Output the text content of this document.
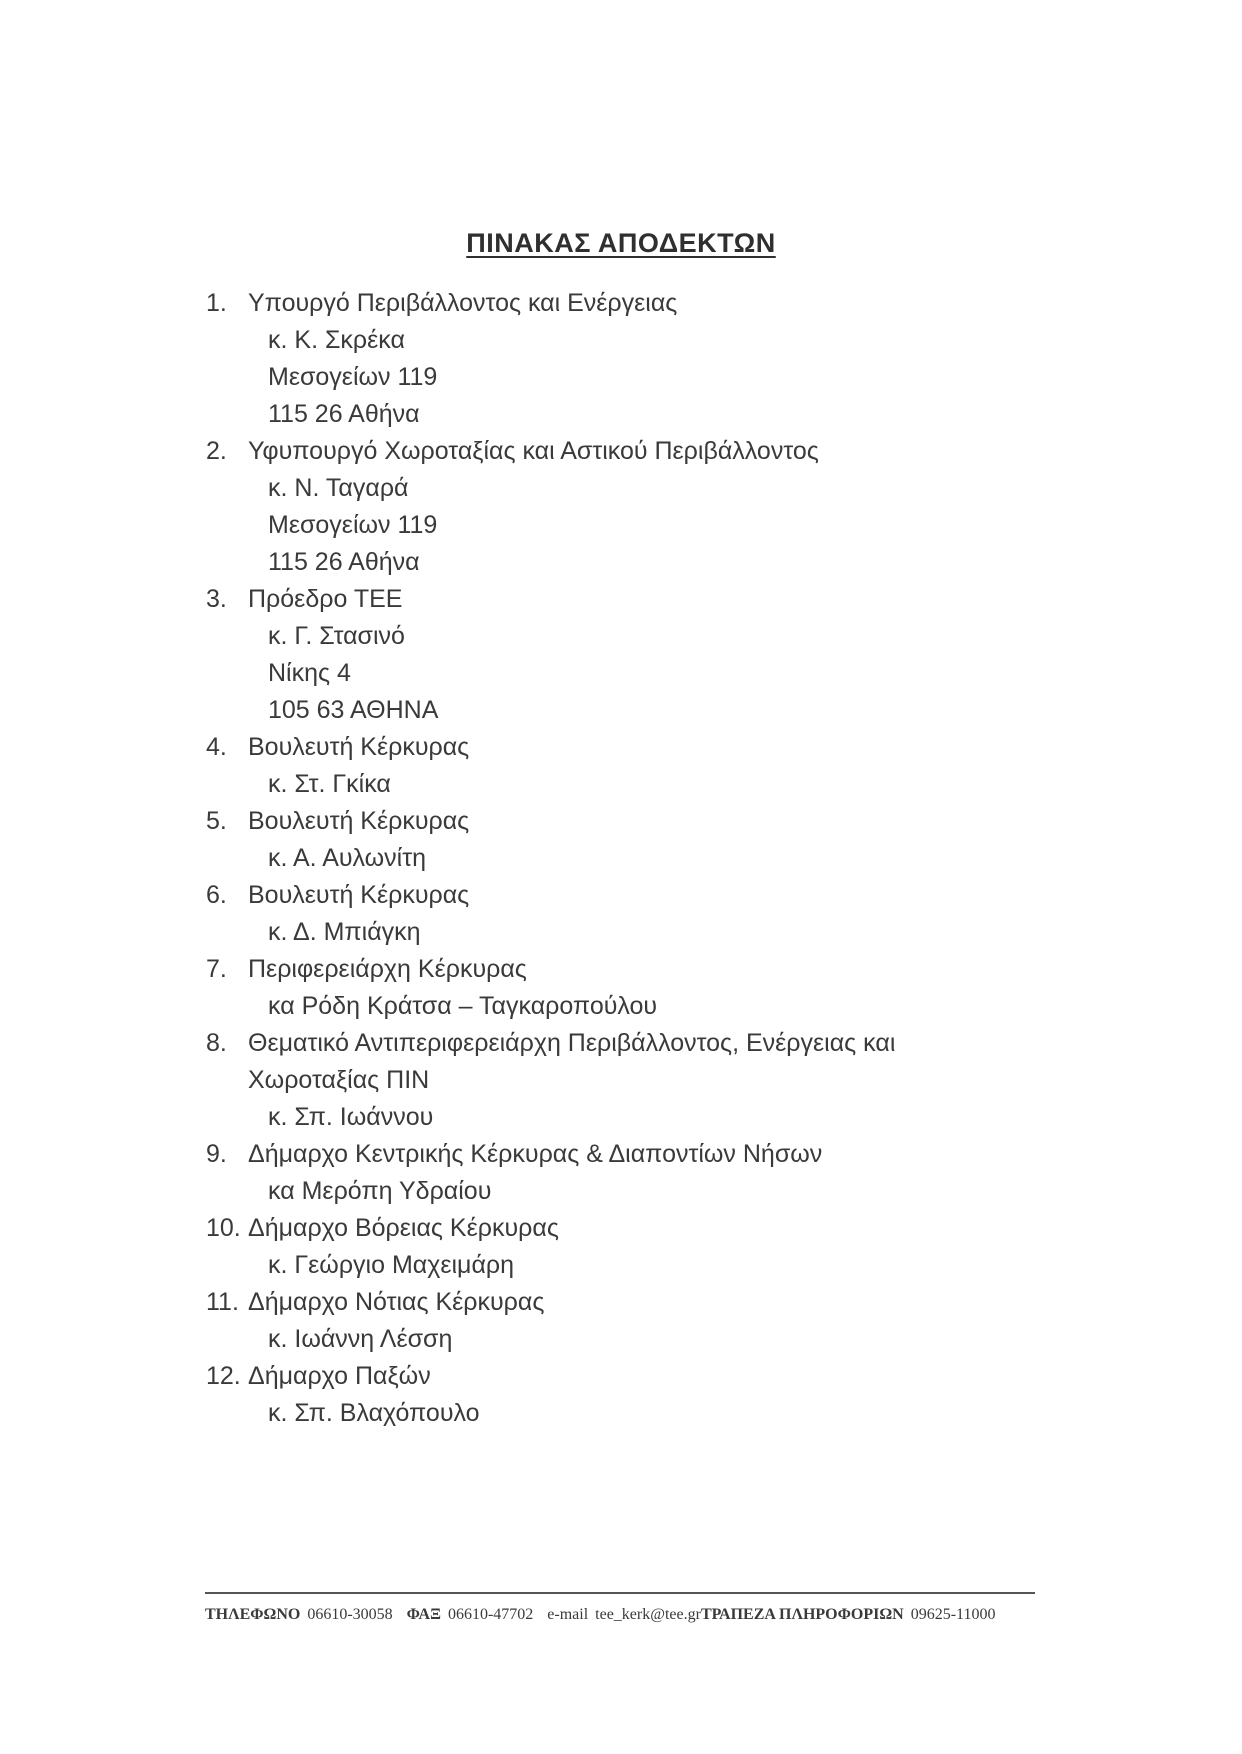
ΠΙΝΑΚΑΣ ΑΠΟΔΕΚΤΩΝ
1. Υπουργό Περιβάλλοντος και Ενέργειας
κ. Κ. Σκρέκα
Μεσογείων 119
115 26 Αθήνα
2. Υφυπουργό Χωροταξίας και Αστικού Περιβάλλοντος
κ. Ν. Ταγαρά
Μεσογείων 119
115 26 Αθήνα
3. Πρόεδρο ΤΕΕ
κ. Γ. Στασινό
Νίκης 4
105 63 ΑΘΗΝΑ
4. Βουλευτή Κέρκυρας
κ. Στ. Γκίκα
5. Βουλευτή Κέρκυρας
κ. Α. Αυλωνίτη
6. Βουλευτή Κέρκυρας
κ. Δ. Μπιάγκη
7. Περιφερειάρχη Κέρκυρας
κα Ρόδη Κράτσα – Ταγκαροπούλου
8. Θεματικό Αντιπεριφερειάρχη Περιβάλλοντος, Ενέργειας και
Χωροταξίας ΠΙΝ
κ. Σπ. Ιωάννου
9. Δήμαρχο Κεντρικής Κέρκυρας & Διαποντίων Νήσων
κα Μερόπη Υδραίου
10. Δήμαρχο Βόρειας Κέρκυρας
κ. Γεώργιο Μαχειμάρη
11. Δήμαρχο Νότιας Κέρκυρας
κ. Ιωάννη Λέσση
12. Δήμαρχο Παξών
κ. Σπ. Βλαχόπουλο
ΤΗΛΕΦΩΝΟ 06610-30058 ΦΑΞ 06610-47702 e-mail tee_kerk@tee.grΤΡΑΠΕΖΑ ΠΛΗΡΟΦΟΡΙΩΝ 09625-11000
